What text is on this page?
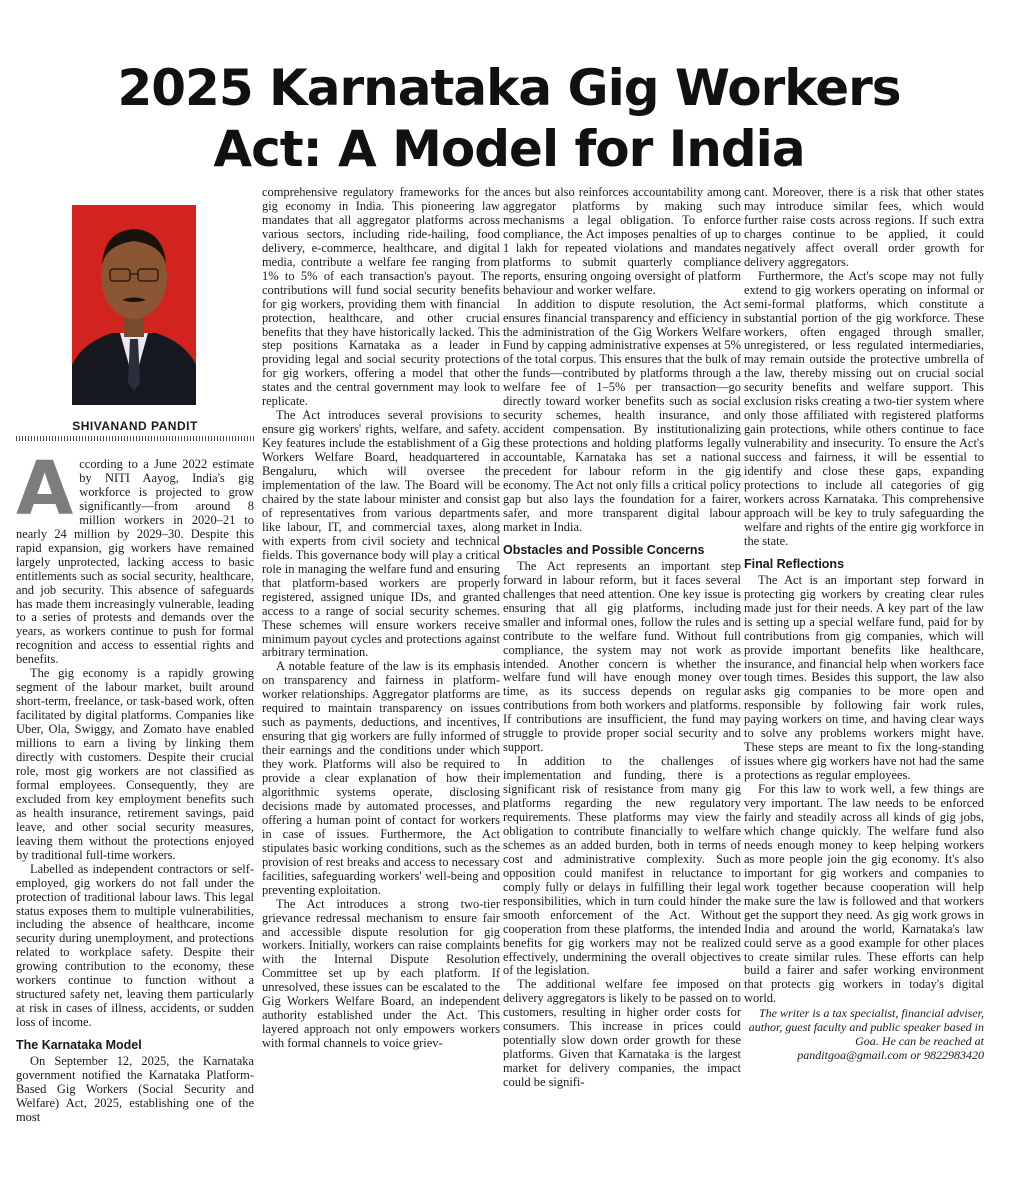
2025 Karnataka Gig Workers
Act: A Model for India
SHIVANAND PANDIT
A ccording to a June 2022 estimate by NITI Aayog, India's gig workforce is projected to grow significantly—from around 8 million workers in 2020–21 to nearly 24 million by 2029–30. Despite this rapid expansion, gig workers have remained largely unprotected, lacking access to basic entitlements such as social security, healthcare, and job security. This absence of safeguards has made them increasingly vulnerable, leading to a series of protests and demands over the years, as workers continue to push for formal recognition and access to essential rights and benefits.

The gig economy is a rapidly growing segment of the labour market, built around short-term, freelance, or task-based work, often facilitated by digital platforms. Companies like Uber, Ola, Swiggy, and Zomato have enabled millions to earn a living by linking them directly with customers. Despite their crucial role, most gig workers are not classified as formal employees. Consequently, they are excluded from key employment benefits such as health insurance, retirement savings, paid leave, and other social security measures, leaving them without the protections enjoyed by traditional full-time workers.

Labelled as independent contractors or self-employed, gig workers do not fall under the protection of traditional labour laws. This legal status exposes them to multiple vulnerabilities, including the absence of healthcare, income security during unemployment, and protections related to workplace safety. Despite their growing contribution to the economy, these workers continue to function without a structured safety net, leaving them particularly at risk in cases of illness, accidents, or sudden loss of income.

The Karnataka Model

On September 12, 2025, the Karnataka government notified the Karnataka Platform-Based Gig Workers (Social Security and Welfare) Act, 2025, establishing one of the most

comprehensive regulatory frameworks for the gig economy in India. This pioneering law mandates that all aggregator platforms across various sectors, including ride-hailing, food delivery, e-commerce, healthcare, and digital media, contribute a welfare fee ranging from 1% to 5% of each transaction's payout. The contributions will fund social security benefits for gig workers, providing them with financial protection, healthcare, and other crucial benefits that they have historically lacked. This step positions Karnataka as a leader in providing legal and social security protections for gig workers, offering a model that other states and the central government may look to replicate.

The Act introduces several provisions to ensure gig workers' rights, welfare, and safety. Key features include the establishment of a Gig Workers Welfare Board, headquartered in Bengaluru, which will oversee the implementation of the law. The Board will be chaired by the state labour minister and consist of representatives from various departments like labour, IT, and commercial taxes, along with experts from civil society and technical fields. This governance body will play a critical role in managing the welfare fund and ensuring that platform-based workers are properly registered, assigned unique IDs, and granted access to a range of social security schemes. These schemes will ensure workers receive minimum payout cycles and protections against arbitrary termination.

A notable feature of the law is its emphasis on transparency and fairness in platform-worker relationships. Aggregator platforms are required to maintain transparency on issues such as payments, deductions, and incentives, ensuring that gig workers are fully informed of their earnings and the conditions under which they work. Platforms will also be required to provide a clear explanation of how their algorithmic systems operate, disclosing decisions made by automated processes, and offering a human point of contact for workers in case of issues. Furthermore, the Act stipulates basic working conditions, such as the provision of rest breaks and access to necessary facilities, safeguarding workers' well-being and preventing exploitation.

The Act introduces a strong two-tier grievance redressal mechanism to ensure fair and accessible dispute resolution for gig workers. Initially, workers can raise complaints with the Internal Dispute Resolution Committee set up by each platform. If unresolved, these issues can be escalated to the Gig Workers Welfare Board, an independent authority established under the Act. This layered approach not only empowers workers with formal channels to voice griev-

ances but also reinforces accountability among aggregator platforms by making such mechanisms a legal obligation. To enforce compliance, the Act imposes penalties of up to 1 lakh for repeated violations and mandates platforms to submit quarterly compliance reports, ensuring ongoing oversight of platform behaviour and worker welfare.

In addition to dispute resolution, the Act ensures financial transparency and efficiency in the administration of the Gig Workers Welfare Fund by capping administrative expenses at 5% of the total corpus. This ensures that the bulk of the funds—contributed by platforms through a welfare fee of 1–5% per transaction—go directly toward worker benefits such as social security schemes, health insurance, and accident compensation. By institutionalizing these protections and holding platforms legally accountable, Karnataka has set a national precedent for labour reform in the gig economy. The Act not only fills a critical policy gap but also lays the foundation for a fairer, safer, and more transparent digital labour market in India.

Obstacles and Possible Concerns

The Act represents an important step forward in labour reform, but it faces several challenges that need attention. One key issue is ensuring that all gig platforms, including smaller and informal ones, follow the rules and contribute to the welfare fund. Without full compliance, the system may not work as intended. Another concern is whether the welfare fund will have enough money over time, as its success depends on regular contributions from both workers and platforms. If contributions are insufficient, the fund may struggle to provide proper social security and support.

In addition to the challenges of implementation and funding, there is a significant risk of resistance from many gig platforms regarding the new regulatory requirements. These platforms may view the obligation to contribute financially to welfare schemes as an added burden, both in terms of cost and administrative complexity. Such opposition could manifest in reluctance to comply fully or delays in fulfilling their legal responsibilities, which in turn could hinder the smooth enforcement of the Act. Without cooperation from these platforms, the intended benefits for gig workers may not be realized effectively, undermining the overall objectives of the legislation.

The additional welfare fee imposed on delivery aggregators is likely to be passed on to customers, resulting in higher order costs for consumers. This increase in prices could potentially slow down order growth for these platforms. Given that Karnataka is the largest market for delivery companies, the impact could be signifi-

cant. Moreover, there is a risk that other states may introduce similar fees, which would further raise costs across regions. If such extra charges continue to be applied, it could negatively affect overall order growth for delivery aggregators.

Furthermore, the Act's scope may not fully extend to gig workers operating on informal or semi-formal platforms, which constitute a substantial portion of the gig workforce. These workers, often engaged through smaller, unregistered, or less regulated intermediaries, may remain outside the protective umbrella of the law, thereby missing out on crucial social security benefits and welfare support. This exclusion risks creating a two-tier system where only those affiliated with registered platforms gain protections, while others continue to face vulnerability and insecurity. To ensure the Act's success and fairness, it will be essential to identify and close these gaps, expanding protections to include all categories of gig workers across Karnataka. This comprehensive approach will be key to truly safeguarding the welfare and rights of the entire gig workforce in the state.

Final Reflections

The Act is an important step forward in protecting gig workers by creating clear rules made just for their needs. A key part of the law is setting up a special welfare fund, paid for by contributions from gig companies, which will provide important benefits like healthcare, insurance, and financial help when workers face tough times. Besides this support, the law also asks gig companies to be more open and responsible by following fair work rules, paying workers on time, and having clear ways to solve any problems workers might have. These steps are meant to fix the long-standing issues where gig workers have not had the same protections as regular employees.

For this law to work well, a few things are very important. The law needs to be enforced fairly and steadily across all kinds of gig jobs, which change quickly. The welfare fund also needs enough money to keep helping workers as more people join the gig economy. It's also important for gig workers and companies to work together because cooperation will help make sure the law is followed and that workers get the support they need. As gig work grows in India and around the world, Karnataka's law could serve as a good example for other places to create similar rules. These efforts can help build a fairer and safer working environment that protects gig workers in today's digital world.

The writer is a tax specialist, financial adviser, author, guest faculty and public speaker based in Goa. He can be reached at panditgoa@gmail.com or 9822983420
